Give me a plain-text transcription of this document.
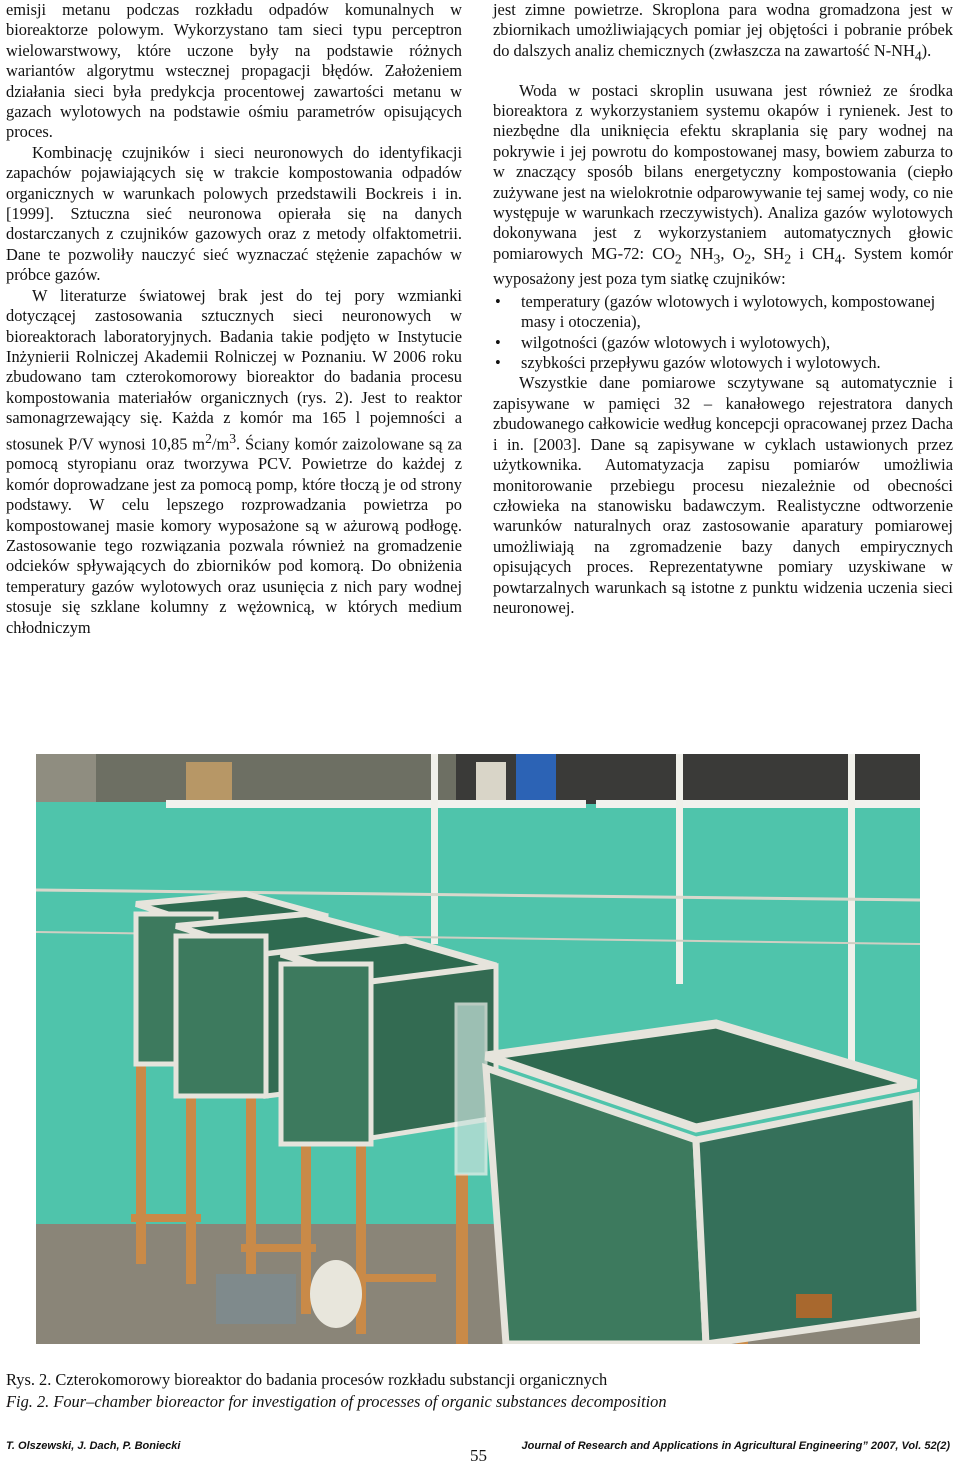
emisji metanu podczas rozkładu odpadów komunalnych w bioreaktorze polowym. Wykorzystano tam sieci typu perceptron wielowarstwowy, które uczone były na podstawie różnych wariantów algorytmu wstecznej propagacji błędów. Założeniem działania sieci była predykcja procentowej zawartości metanu w gazach wylotowych na podstawie ośmiu parametrów opisujących proces.

Kombinację czujników i sieci neuronowych do identyfikacji zapachów pojawiających się w trakcie kompostowania odpadów organicznych w warunkach polowych przedstawili Bockreis i in. [1999]. Sztuczna sieć neuronowa opierała się na danych dostarczanych z czujników gazowych oraz z metody olfaktometrii. Dane te pozwoliły nauczyć sieć wyznaczać stężenie zapachów w próbce gazów.

W literaturze światowej brak jest do tej pory wzmianki dotyczącej zastosowania sztucznych sieci neuronowych w bioreaktorach laboratoryjnych. Badania takie podjęto w Instytucie Inżynierii Rolniczej Akademii Rolniczej w Poznaniu. W 2006 roku zbudowano tam czterokomorowy bioreaktor do badania procesu kompostowania materiałów organicznych (rys. 2). Jest to reaktor samonagrzewający się. Każda z komór ma 165 l pojemności a stosunek P/V wynosi 10,85 $m^2/m^3$. Ściany komór zaizolowane są za pomocą styropianu oraz tworzywa PCV. Powietrze do każdej z komór doprowadzane jest za pomocą pomp, które tłoczą je od strony podstawy. W celu lepszego rozprowadzania powietrza po kompostowanej masie komory wyposażone są w ażurową podłogę. Zastosowanie tego rozwiązania pozwala również na gromadzenie odcieków spływających do zbiorników pod komorą. Do obniżenia temperatury gazów wylotowych oraz usunięcia z nich pary wodnej stosuje się szklane kolumny z wężownicą, w których medium chłodniczym

jest zimne powietrze. Skroplona para wodna gromadzona jest w zbiornikach umożliwiających pomiar jej objętości i pobranie próbek do dalszych analiz chemicznych (zwłaszcza na zawartość $N-NH_4$).

Woda w postaci skroplin usuwana jest również ze środka bioreaktora z wykorzystaniem systemu okapów i rynienek. Jest to niezbędne dla uniknięcia efektu skraplania się pary wodnej na pokrywie i jej powrotu do kompostowanej masy, bowiem zaburza to w znaczący sposób bilans energetyczny kompostowania (ciepło zużywane jest na wielokrotnie odparowywanie tej samej wody, co nie występuje w warunkach rzeczywistych). Analiza gazów wylotowych dokonywana jest z wykorzystaniem automatycznych głowic pomiarowych MG-72: $CO_2$ $NH_3$, $O_2$, $SH_2$ i $CH_4$. System komór wyposażony jest poza tym siatkę czujników:

• temperatury (gazów wlotowych i wylotowych, kompostowanej masy i otoczenia),
• wilgotności (gazów wlotowych i wylotowych),
• szybkości przepływu gazów wlotowych i wylotowych.

Wszystkie dane pomiarowe sczytywane są automatycznie i zapisywane w pamięci 32 – kanałowego rejestratora danych zbudowanego całkowicie według koncepcji opracowanej przez Dacha i in. [2003]. Dane są zapisywane w cyklach ustawionych przez użytkownika. Automatyzacja zapisu pomiarów umożliwia monitorowanie przebiegu procesu niezależnie od obecności człowieka na stanowisku badawczym. Realistyczne odtworzenie warunków naturalnych oraz zastosowanie aparatury pomiarowej umożliwiają na zgromadzenie bazy danych empirycznych opisujących proces. Reprezentatywne pomiary uzyskiwane w powtarzalnych warunkach są istotne z punktu widzenia uczenia sieci neuronowej.

Rys. 2. Czterokomorowy bioreaktor do badania procesów rozkładu substancji organicznych
Fig. 2. Four–chamber bioreactor for investigation of processes of organic substances decomposition
T. Olszewski, J. Dach, P. Boniecki	55	Journal of Research and Applications in Agricultural Engineering” 2007, Vol. 52(2)
